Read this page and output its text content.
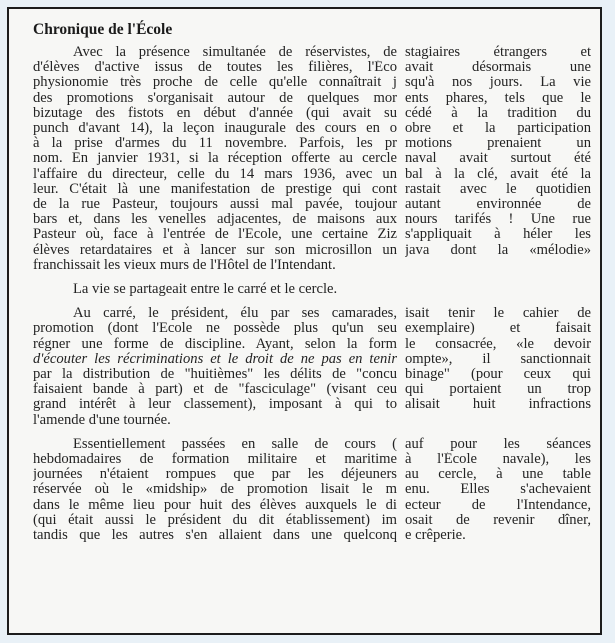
Chronique de l'École
Avec la présence simultanée de réservistes, de stagiaires étrangers et
d'élèves d'active issus de toutes les filières, l'Éco avait désormais une
physionomie très proche de celle qu'elle connaîtrait j squ'à nos jours. La vie
des promotions s'organisait autour de quelques mor ents phares, tels que le
bizutage des fistots en début d'année (qui avait su cédé à la tradition du
punch d'avant 14), la leçon inaugurale des cours en o obre et la participation
à la prise d'armes du 11 novembre. Parfois, les pr motions prenaient un
nom. En janvier 1931, si la réception offerte au cercle naval avait surtout été
l'affaire du directeur, celle du 14 mars 1936, avec un bal à la clé, avait été la
leur. C'était là une manifestation de prestige qui cont rastait avec le quotidien
de la rue Pasteur, toujours aussi mal pavée, toujour autant environnée de
bars et, dans les venelles adjacentes, de maisons aux nours tarifés ! Une rue
Pasteur où, face à l'entrée de l'Ecole, une certaine Ziz s'appliquait à héler les
élèves retardataires et à lancer sur son microsillon un java dont la «mélodie»
franchissait les vieux murs de l'Hôtel de l'Intendant.
La vie se partageait entre le carré et le cercle.
Au carré, le président, élu par ses camarades, isait tenir le cahier de
promotion (dont l'Ecole ne possède plus qu'un seu exemplaire) et faisait
régner une forme de discipline. Ayant, selon la form le consacrée, «le devoir
d'écouter les récriminations et le droit de ne pas en tenir ompte», il sanctionnait
par la distribution de "huitièmes" les délits de "concu binage" (pour ceux qui
faisaient bande à part) et de "fasciculage" (visant ceu qui portaient un trop
grand intérêt à leur classement), imposant à qui to alisait huit infractions
l'amende d'une tournée.
Essentiellement passées en salle de cours ( auf pour les séances
hebdomadaires de formation militaire et maritime à l'École navale), les
journées n'étaient rompues que par les déjeuners au cercle, à une table
réservée où le «midship» de promotion lisait le m enu. Elles s'achevaient
dans le même lieu pour huit des élèves auxquels le di ecteur de l'Intendance,
(qui était aussi le président du dit établissement) im osait de revenir dîner,
tandis que les autres s'en allaient dans une quelconq e crêperie.
